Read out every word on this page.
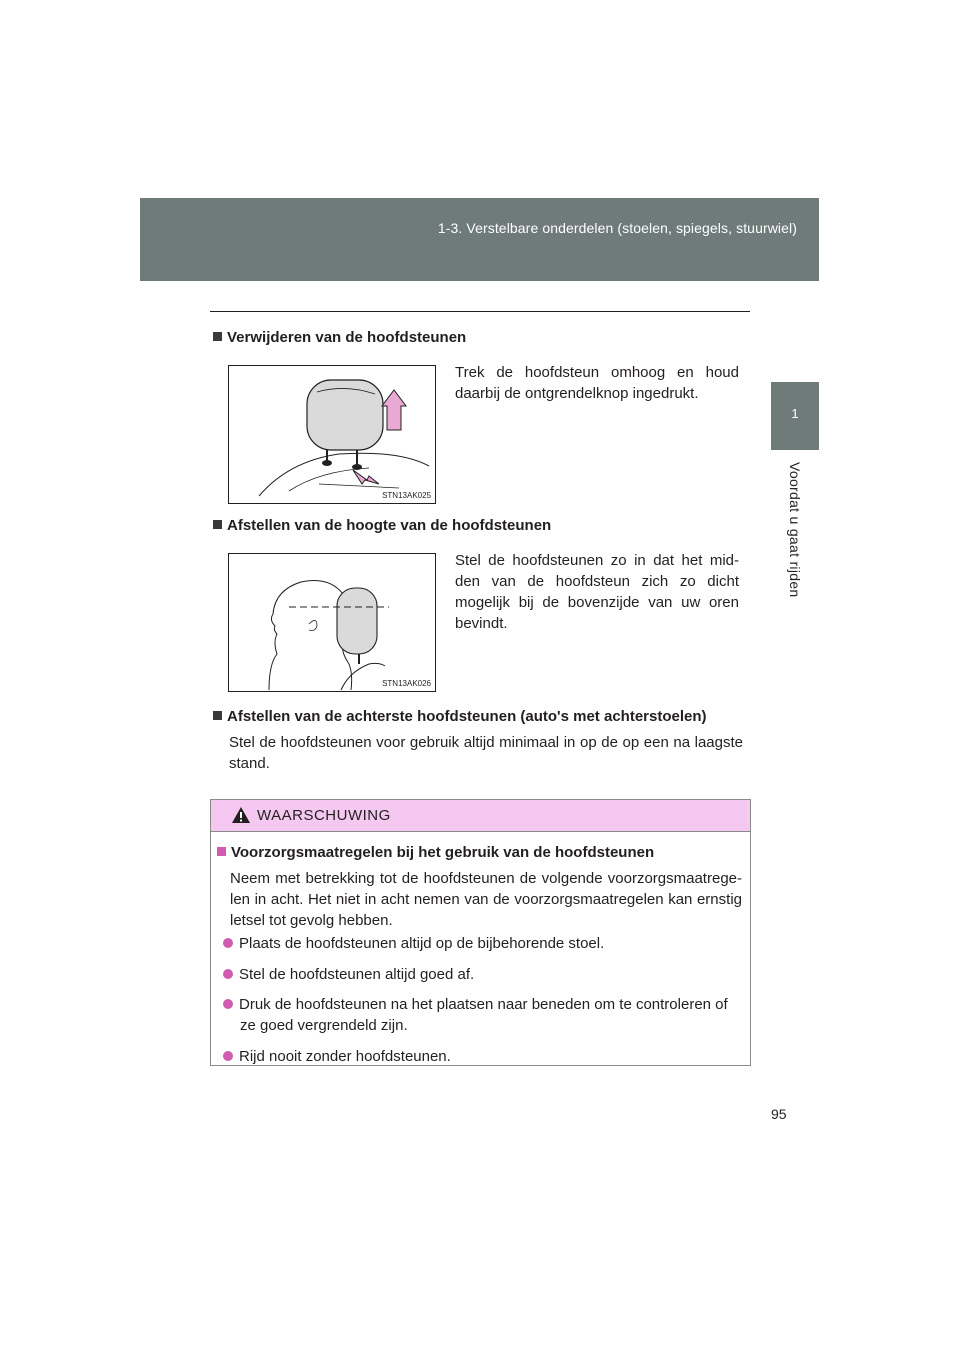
1-3. Verstelbare onderdelen (stoelen, spiegels, stuurwiel)
1
Voordat u gaat rijden
Verwijderen van de hoofdsteunen
STN13AK025
Trek de hoofdsteun omhoog en houd daarbij de ontgrendelknop ingedrukt.
Afstellen van de hoogte van de hoofdsteunen
STN13AK026
Stel de hoofdsteunen zo in dat het mid-den van de hoofdsteun zich zo dicht mogelijk bij de bovenzijde van uw oren bevindt.
Afstellen van de achterste hoofdsteunen (auto's met achterstoelen)
Stel de hoofdsteunen voor gebruik altijd minimaal in op de op een na laagste stand.
WAARSCHUWING
Voorzorgsmaatregelen bij het gebruik van de hoofdsteunen
Neem met betrekking tot de hoofdsteunen de volgende voorzorgsmaatrege-len in acht. Het niet in acht nemen van de voorzorgsmaatregelen kan ernstig letsel tot gevolg hebben.
Plaats de hoofdsteunen altijd op de bijbehorende stoel.
Stel de hoofdsteunen altijd goed af.
Druk de hoofdsteunen na het plaatsen naar beneden om te controleren of
ze goed vergrendeld zijn.
Rijd nooit zonder hoofdsteunen.
95
